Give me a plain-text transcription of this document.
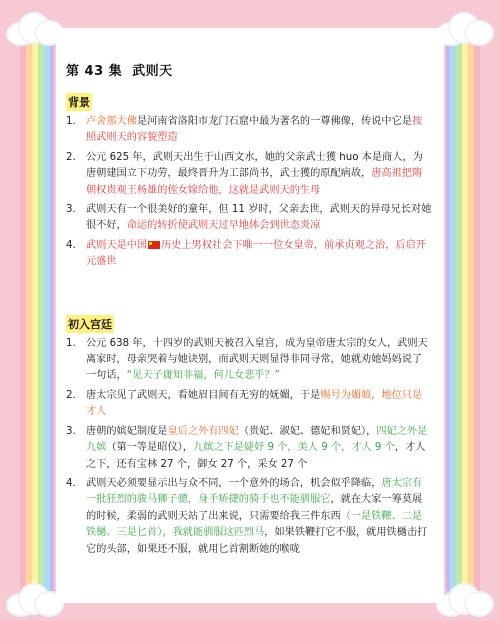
第 43 集 武则天
背景
1. 卢舍那大佛是河南省洛阳市龙门石窟中最为著名的一尊佛像，传说中它是按照武则天的容貌塑造
2. 公元 625 年，武则天出生于山西文水，她的父亲武士獲 huo 本是商人，为唐朝建国立下功劳，最终晋升为工部尚书，武士獲的原配病故，唐高祖把隋朝权贵观王杨雄的侄女嫁给他，这就是武则天的生母
3. 武则天有一个很美好的童年，但 11 岁时，父亲去世，武则天的异母兄长对她很不好，命运的转折使武则天过早地体会到世态炎凉
4. 武则天是中国 历史上男权社会下唯一一位女皇帝，前承贞观之治，后启开元盛世
初入宫廷
1. 公元 638 年，十四岁的武则天被召入皇宫，成为皇帝唐太宗的女人，武则天离家时，母亲哭着与她诀别，而武则天则显得非同寻常，她就劝她妈妈说了一句话，“见天子庸知非福，何儿女悲乎？”
2. 唐太宗见了武则天，看她眉目间有无穷的妩媚，于是赐号为媚娘，地位只是才人
3. 唐朝的嫔妃制度是皇后之外有四妃（贵妃、淑妃、德妃和贤妃），四妃之外是九嫔（第一等是昭仪），九嫔之下是婕妤 9 个，美人 9 个，才人 9 个，才人之下，还有宝林 27 个，御女 27 个，采女 27 个
4. 武则天必须要显示出与众不同，一个意外的场合，机会似乎降临，唐太宗有一批狂烈的骏马狮子骢，身手矫捷的骑手也不能驯服它，就在大家一筹莫展的时候，柔弱的武则天站了出来说，只需要给我三件东西（一是铁鞭、二是铁檛、三是匕首），我就能驯服这匹烈马，如果铁鞭打它不服，就用铁檛击打它的头部，如果还不服，就用匕首割断她的喉咙
